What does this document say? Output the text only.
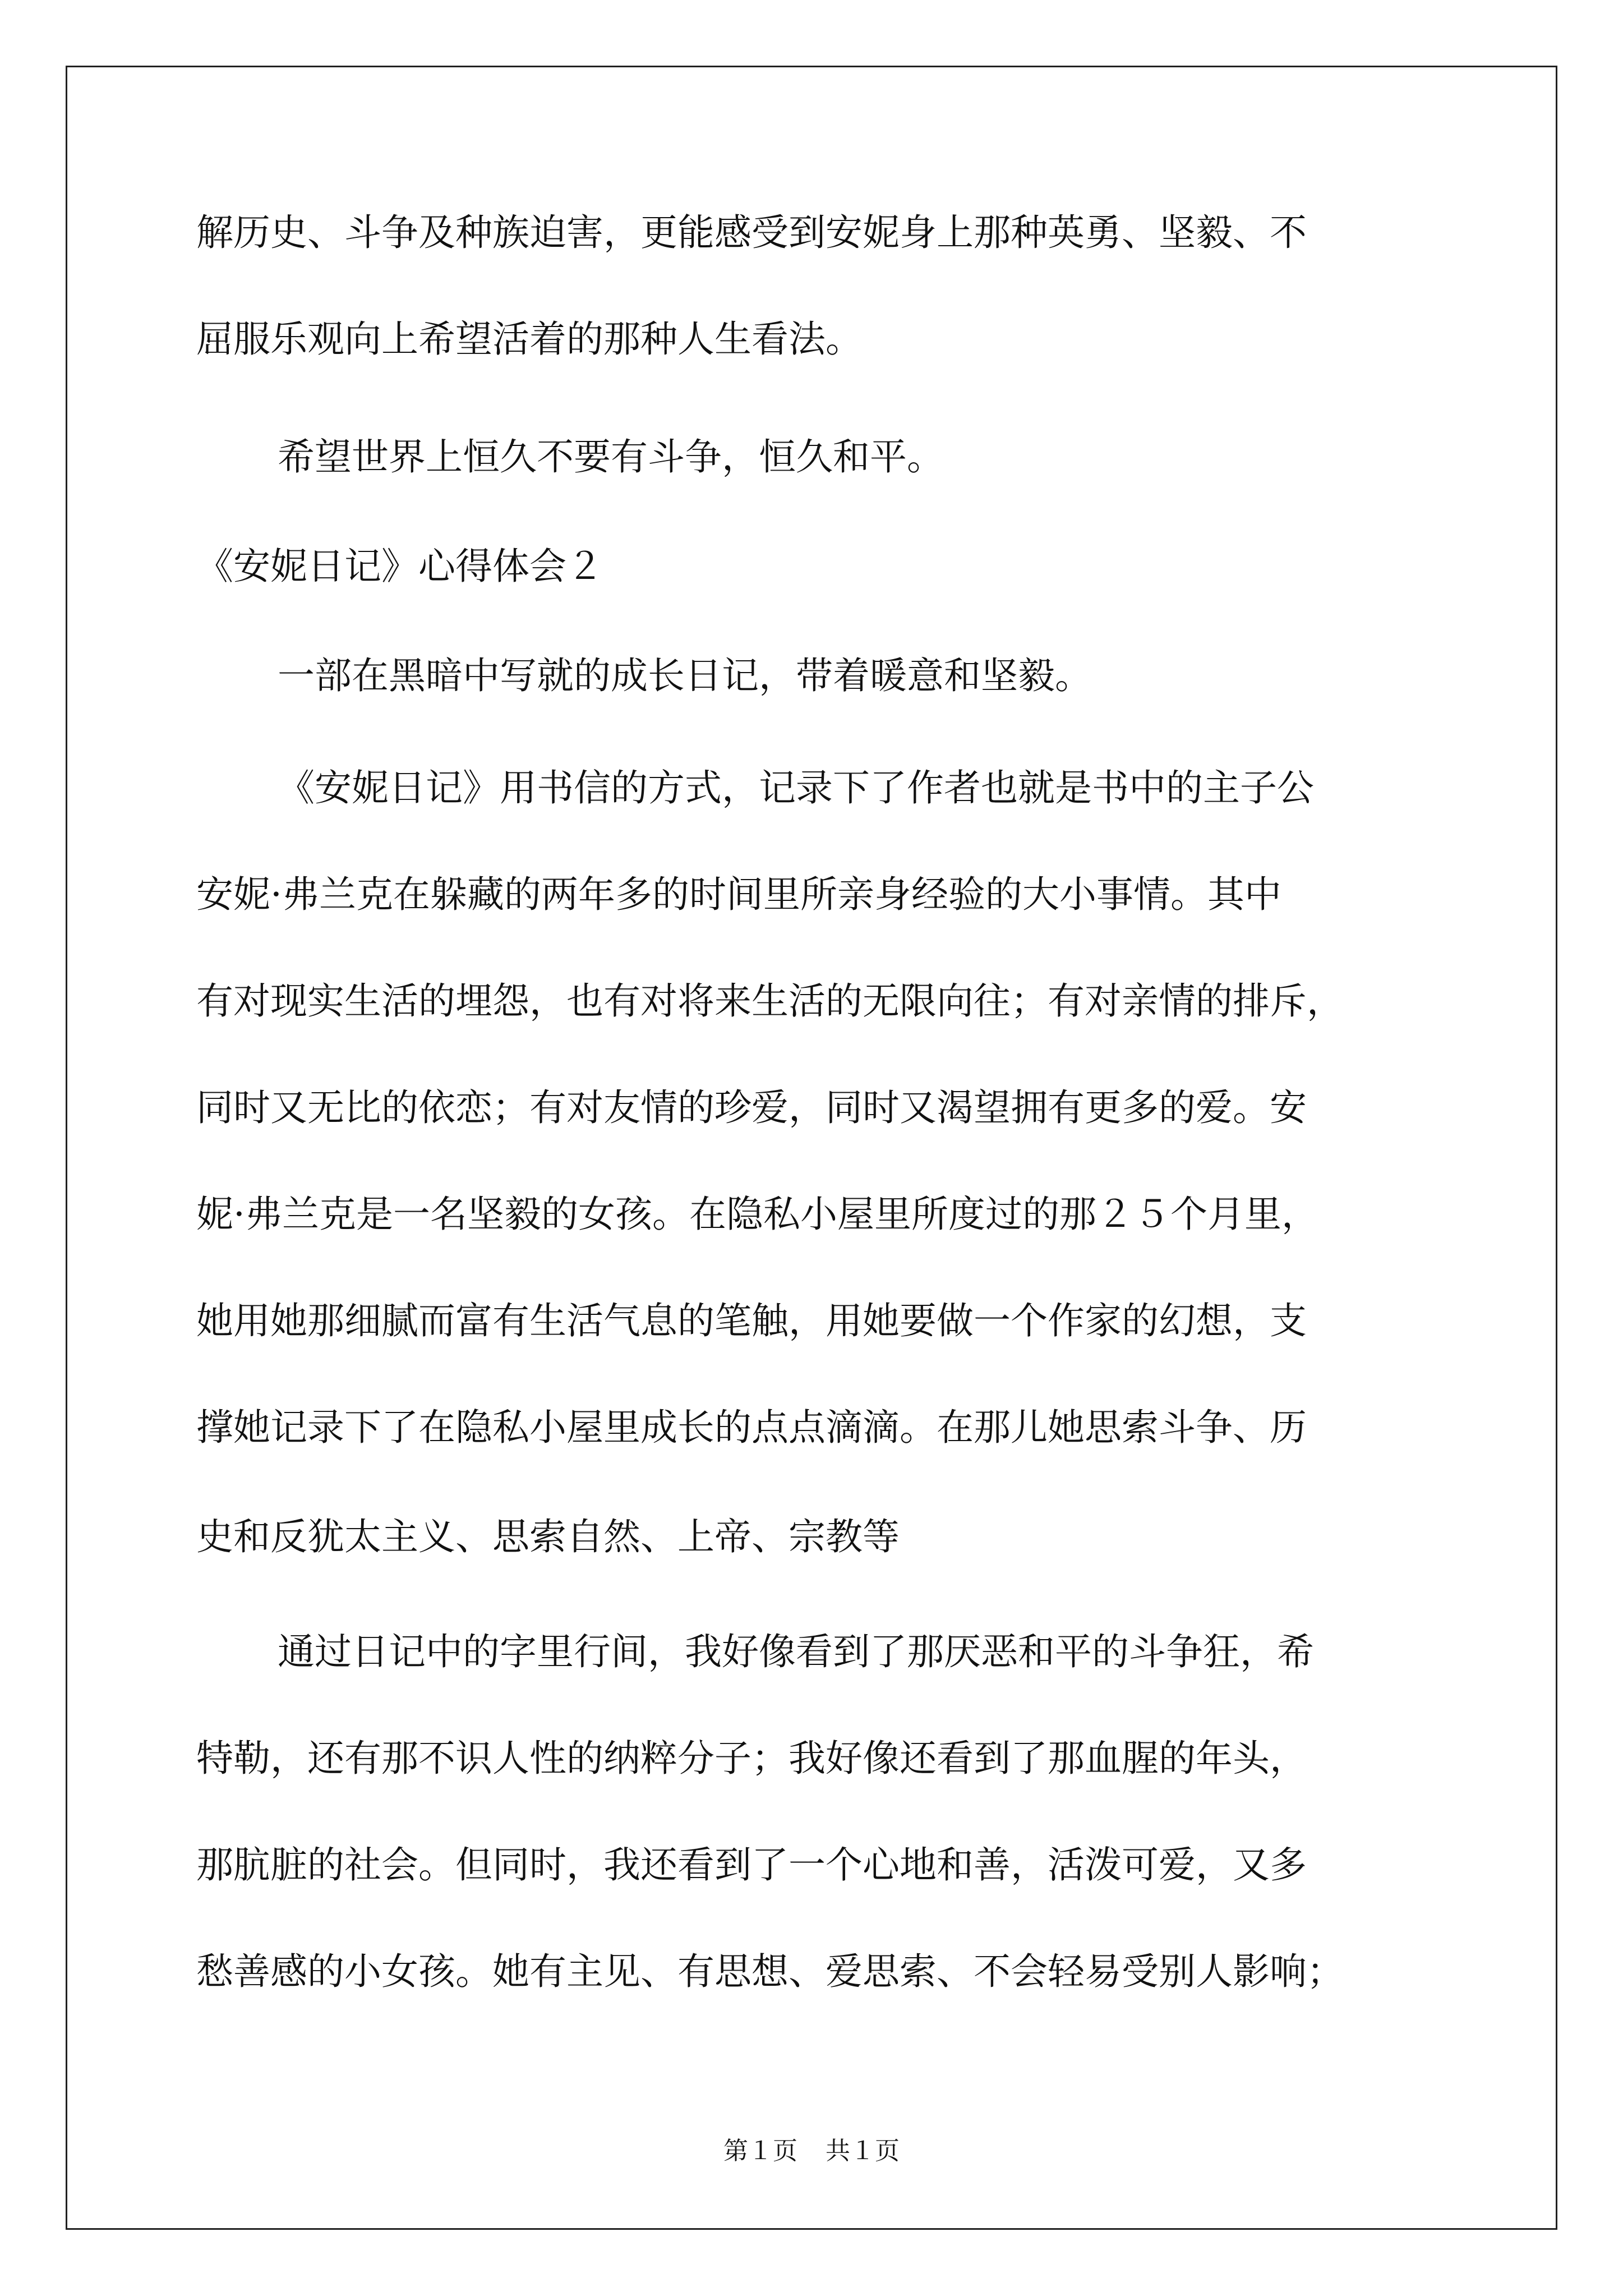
解历史、斗争及种族迫害，更能感受到安妮身上那种英勇、坚毅、不
屈服乐观向上希望活着的那种人生看法。
希望世界上恒久不要有斗争，恒久和平。
《安妮日记》心得体会２
一部在黑暗中写就的成长日记，带着暖意和坚毅。
《安妮日记》用书信的方式，记录下了作者也就是书中的主子公
安妮·弗兰克在躲藏的两年多的时间里所亲身经验的大小事情。其中
有对现实生活的埋怨，也有对将来生活的无限向往；有对亲情的排斥，
同时又无比的依恋；有对友情的珍爱，同时又渴望拥有更多的爱。安
妮·弗兰克是一名坚毅的女孩。在隐私小屋里所度过的那２５个月里，
她用她那细腻而富有生活气息的笔触，用她要做一个作家的幻想，支
撑她记录下了在隐私小屋里成长的点点滴滴。在那儿她思索斗争、历
史和反犹太主义、思索自然、上帝、宗教等
通过日记中的字里行间，我好像看到了那厌恶和平的斗争狂，希
特勒，还有那不识人性的纳粹分子；我好像还看到了那血腥的年头，
那肮脏的社会。但同时，我还看到了一个心地和善，活泼可爱，又多
愁善感的小女孩。她有主见、有思想、爱思索、不会轻易受别人影响；
第１页 共１页
